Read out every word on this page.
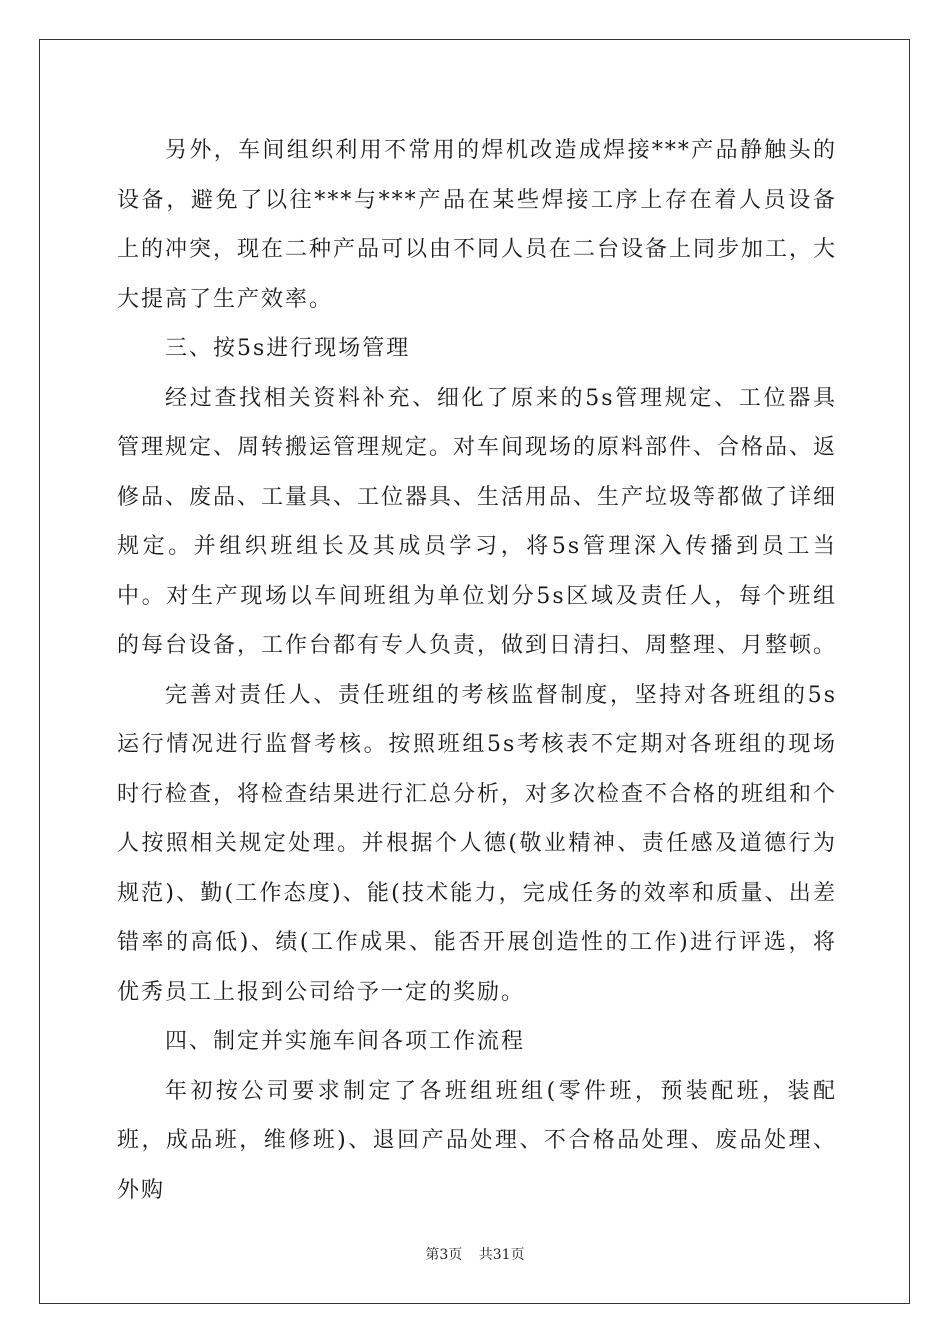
另外，车间组织利用不常用的焊机改造成焊接***产品静触头的设备，避免了以往***与***产品在某些焊接工序上存在着人员设备上的冲突，现在二种产品可以由不同人员在二台设备上同步加工，大大提高了生产效率。

三、按5s进行现场管理

经过查找相关资料补充、细化了原来的5s管理规定、工位器具管理规定、周转搬运管理规定。对车间现场的原料部件、合格品、返修品、废品、工量具、工位器具、生活用品、生产垃圾等都做了详细规定。并组织班组长及其成员学习，将5s管理深入传播到员工当中。对生产现场以车间班组为单位划分5s区域及责任人，每个班组的每台设备，工作台都有专人负责，做到日清扫、周整理、月整顿。

完善对责任人、责任班组的考核监督制度，坚持对各班组的5s运行情况进行监督考核。按照班组5s考核表不定期对各班组的现场时行检查，将检查结果进行汇总分析，对多次检查不合格的班组和个人按照相关规定处理。并根据个人德(敬业精神、责任感及道德行为规范)、勤(工作态度)、能(技术能力，完成任务的效率和质量、出差错率的高低)、绩(工作成果、能否开展创造性的工作)进行评选，将优秀员工上报到公司给予一定的奖励。

四、制定并实施车间各项工作流程

年初按公司要求制定了各班组班组(零件班，预装配班，装配班，成品班，维修班)、退回产品处理、不合格品处理、废品处理、外购

第3页 共31页
